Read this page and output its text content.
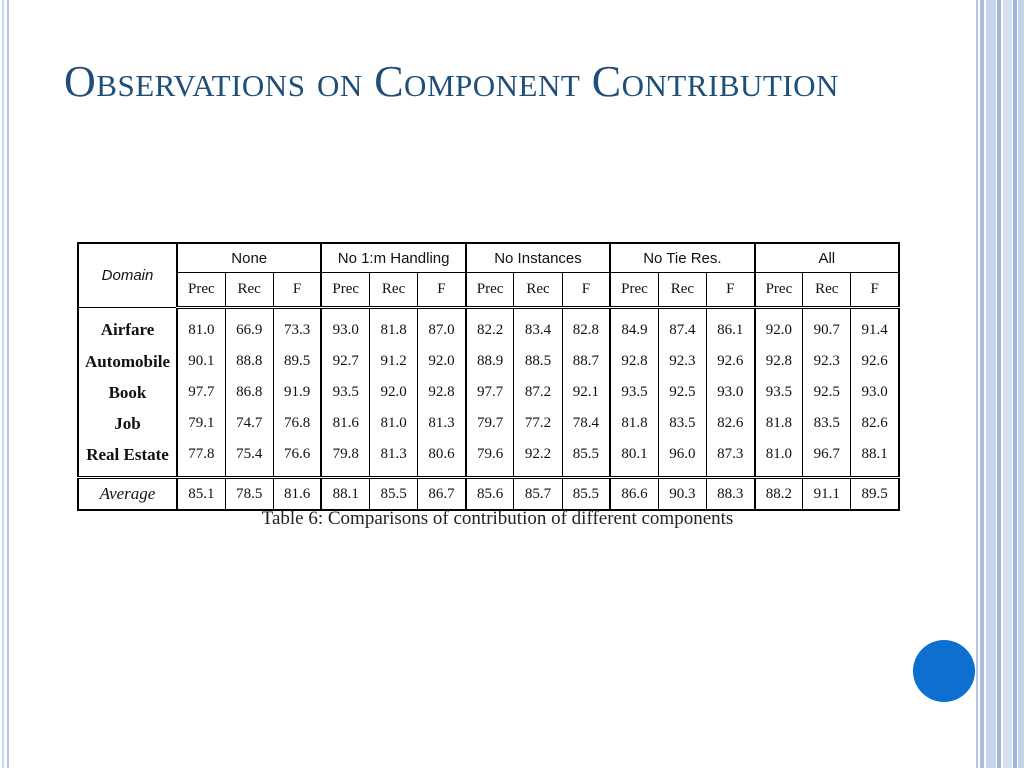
Observations on Component Contribution
Domain	None			No 1:m Handling			No Instances			No Tie Res.			All		
	Prec	Rec	F	Prec	Rec	F	Prec	Rec	F	Prec	Rec	F	Prec	Rec	F
Airfare	81.0	66.9	73.3	93.0	81.8	87.0	82.2	83.4	82.8	84.9	87.4	86.1	92.0	90.7	91.4
Automobile	90.1	88.8	89.5	92.7	91.2	92.0	88.9	88.5	88.7	92.8	92.3	92.6	92.8	92.3	92.6
Book	97.7	86.8	91.9	93.5	92.0	92.8	97.7	87.2	92.1	93.5	92.5	93.0	93.5	92.5	93.0
Job	79.1	74.7	76.8	81.6	81.0	81.3	79.7	77.2	78.4	81.8	83.5	82.6	81.8	83.5	82.6
Real Estate	77.8	75.4	76.6	79.8	81.3	80.6	79.6	92.2	85.5	80.1	96.0	87.3	81.0	96.7	88.1
Average	85.1	78.5	81.6	88.1	85.5	86.7	85.6	85.7	85.5	86.6	90.3	88.3	88.2	91.1	89.5
Table 6: Comparisons of contribution of different components
